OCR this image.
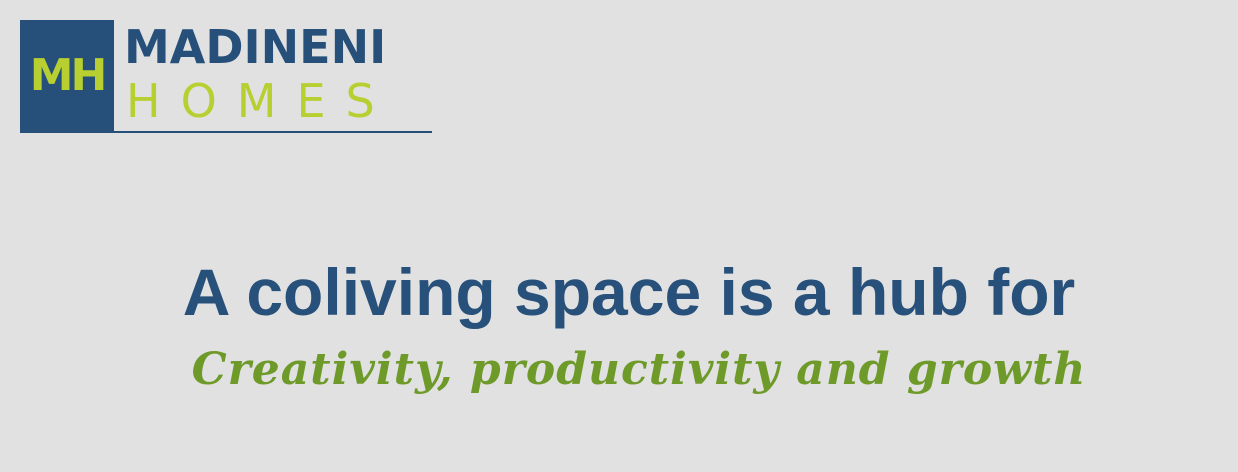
MH
MADINENI
HOMES
A coliving space is a hub for
Creativity, productivity and growth
